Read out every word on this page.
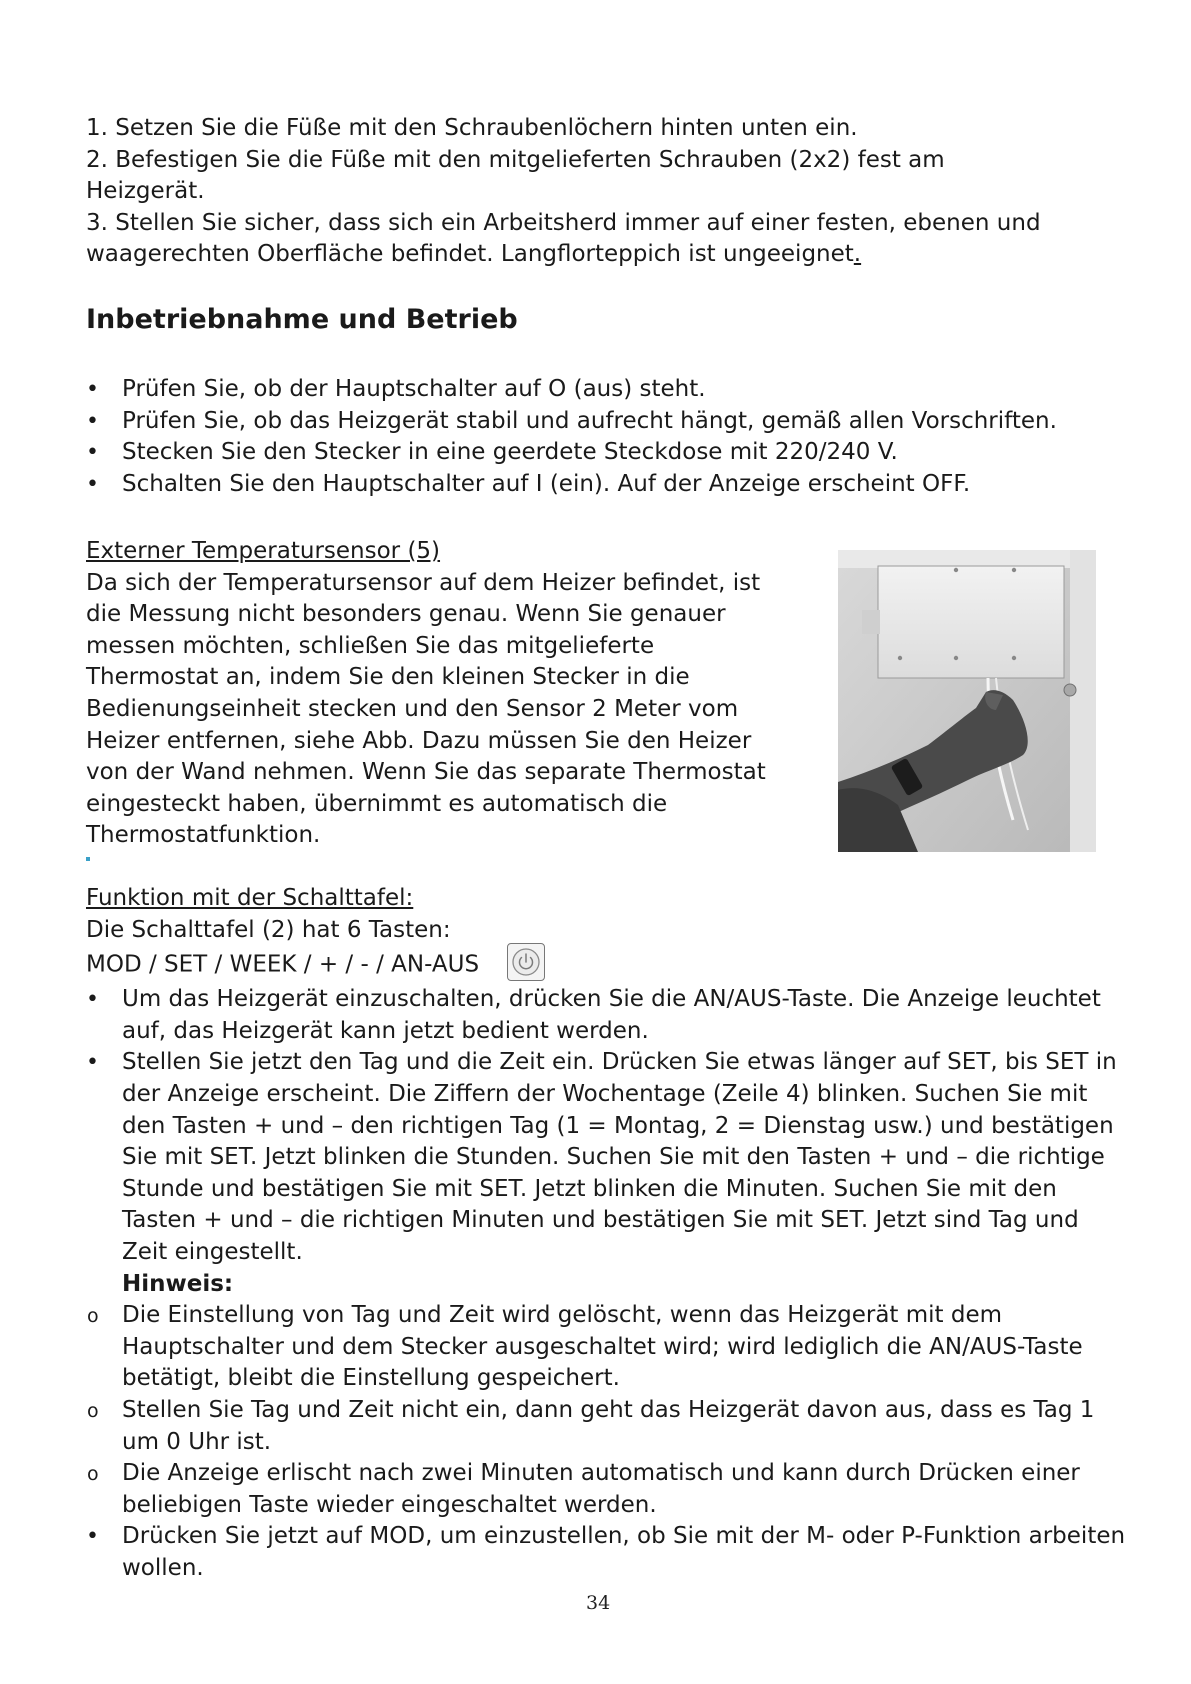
1. Setzen Sie die Füße mit den Schraubenlöchern hinten unten ein.
2. Befestigen Sie die Füße mit den mitgelieferten Schrauben (2x2) fest am
Heizgerät.
3. Stellen Sie sicher, dass sich ein Arbeitsherd immer auf einer festen, ebenen und
waagerechten Oberfläche befindet. Langflorteppich ist ungeeignet.
Inbetriebnahme und Betrieb
• Prüfen Sie, ob der Hauptschalter auf O (aus) steht.
• Prüfen Sie, ob das Heizgerät stabil und aufrecht hängt, gemäß allen Vorschriften.
• Stecken Sie den Stecker in eine geerdete Steckdose mit 220/240 V.
• Schalten Sie den Hauptschalter auf I (ein). Auf der Anzeige erscheint OFF.
Externer Temperatursensor (5)
Da sich der Temperatursensor auf dem Heizer befindet, ist
die Messung nicht besonders genau. Wenn Sie genauer
messen möchten, schließen Sie das mitgelieferte
Thermostat an, indem Sie den kleinen Stecker in die
Bedienungseinheit stecken und den Sensor 2 Meter vom
Heizer entfernen, siehe Abb. Dazu müssen Sie den Heizer
von der Wand nehmen. Wenn Sie das separate Thermostat
eingesteckt haben, übernimmt es automatisch die
Thermostatfunktion.
Funktion mit der Schalttafel:
Die Schalttafel (2) hat 6 Tasten:
MOD / SET / WEEK / + / - / AN-AUS
• Um das Heizgerät einzuschalten, drücken Sie die AN/AUS-Taste. Die Anzeige leuchtet auf, das Heizgerät kann jetzt bedient werden.
• Stellen Sie jetzt den Tag und die Zeit ein. Drücken Sie etwas länger auf SET, bis SET in der Anzeige erscheint. Die Ziffern der Wochentage (Zeile 4) blinken. Suchen Sie mit den Tasten + und – den richtigen Tag (1 = Montag, 2 = Dienstag usw.) und bestätigen Sie mit SET. Jetzt blinken die Stunden. Suchen Sie mit den Tasten + und – die richtige Stunde und bestätigen Sie mit SET. Jetzt blinken die Minuten. Suchen Sie mit den Tasten + und – die richtigen Minuten und bestätigen Sie mit SET. Jetzt sind Tag und Zeit eingestellt.
Hinweis:
o Die Einstellung von Tag und Zeit wird gelöscht, wenn das Heizgerät mit dem Hauptschalter und dem Stecker ausgeschaltet wird; wird lediglich die AN/AUS-Taste betätigt, bleibt die Einstellung gespeichert.
o Stellen Sie Tag und Zeit nicht ein, dann geht das Heizgerät davon aus, dass es Tag 1 um 0 Uhr ist.
o Die Anzeige erlischt nach zwei Minuten automatisch und kann durch Drücken einer beliebigen Taste wieder eingeschaltet werden.
• Drücken Sie jetzt auf MOD, um einzustellen, ob Sie mit der M- oder P-Funktion arbeiten wollen.
34
